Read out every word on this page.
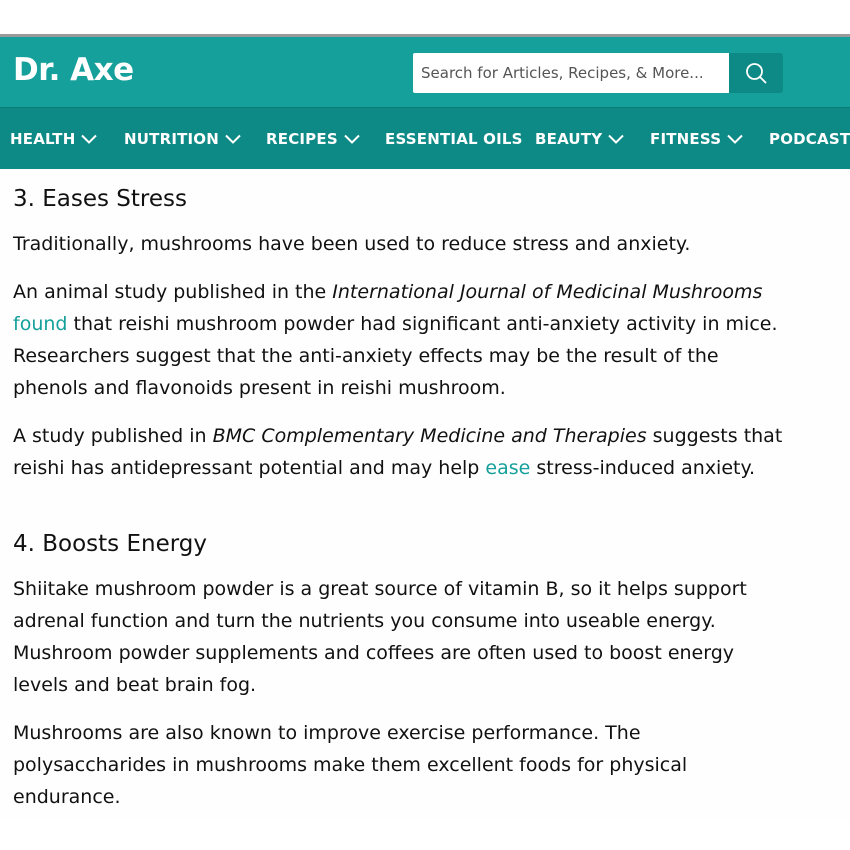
Dr. Axe
Search for Articles, Recipes, & More...
HEALTH	NUTRITION	RECIPES	ESSENTIAL OILS BEAUTY	FITNESS	PODCAST
3. Eases Stress

Traditionally, mushrooms have been used to reduce stress and anxiety.

An animal study published in the International Journal of Medicinal Mushrooms found that reishi mushroom powder had significant anti-anxiety activity in mice. Researchers suggest that the anti-anxiety effects may be the result of the phenols and flavonoids present in reishi mushroom.

A study published in BMC Complementary Medicine and Therapies suggests that reishi has antidepressant potential and may help ease stress-induced anxiety.

4. Boosts Energy

Shiitake mushroom powder is a great source of vitamin B, so it helps support adrenal function and turn the nutrients you consume into useable energy. Mushroom powder supplements and coffees are often used to boost energy levels and beat brain fog.

Mushrooms are also known to improve exercise performance. The polysaccharides in mushrooms make them excellent foods for physical endurance.
